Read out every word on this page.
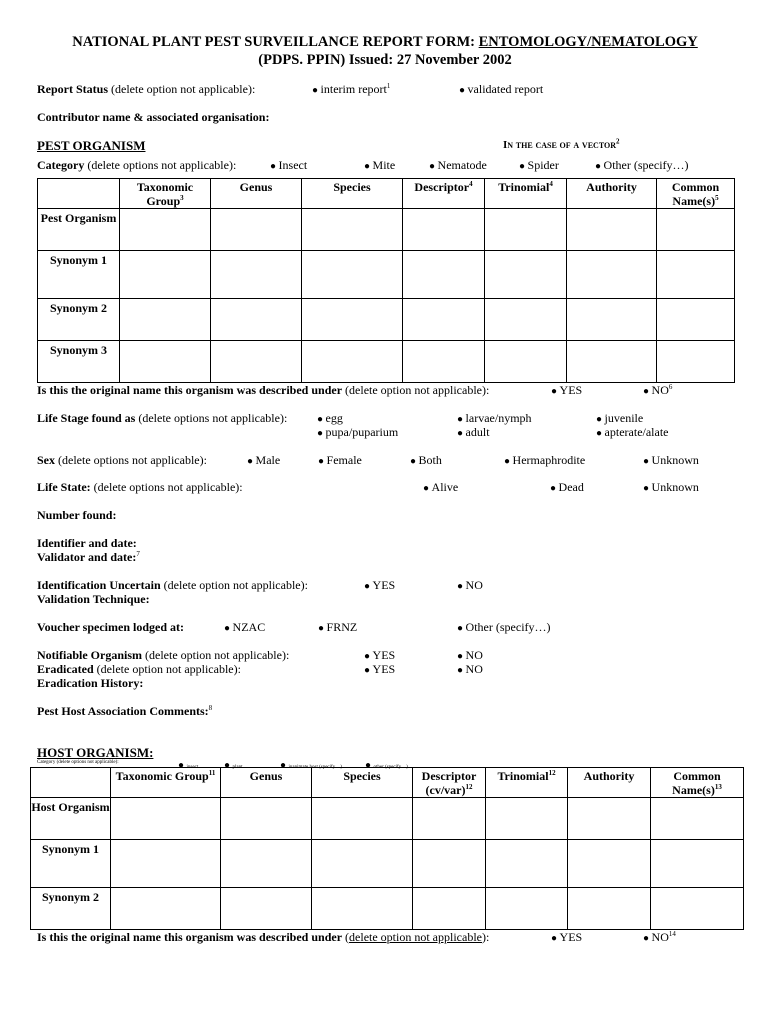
NATIONAL PLANT PEST SURVEILLANCE REPORT FORM: ENTOMOLOGY/NEMATOLOGY
(PDPS. PPIN) Issued: 27 November 2002
Report Status (delete option not applicable):	● interim report$^1$	● validated report
Contributor name & associated organisation:
PEST ORGANISM	In the case of a vector$^2$
Category (delete options not applicable):	● Insect	● Mite	● Nematode	● Spider	● Other (specify…)
	Taxonomic Group$^3$	Genus	Species	Descriptor$^4$	Trinomial$^4$	Authority	Common $Name(s)^5$
Pest Organism							
Synonym 1							
Synonym 2							
Synonym 3							
Is this the original name this organism was described under (delete option not applicable):	● YES	● $NO^6$
Life Stage found as (delete options not applicable):	● egg	● larvae/nymph	● juvenile
● pupa/puparium	● adult	● apterate/alate
Sex (delete options not applicable):	● Male	● Female	● Both	● Hermaphrodite	● Unknown
Life State: (delete options not applicable):	● Alive	● Dead	● Unknown
Number found:
Identifier and date:
Validator and date:$^7$
Identification Uncertain (delete option not applicable):	● YES	● NO
Validation Technique:
Voucher specimen lodged at:	● NZAC	● FRNZ	● Other (specify…)
Notifiable Organism (delete option not applicable):	● YES	● NO
Eradicated (delete option not applicable):	● YES	● NO
Eradication History:
Pest Host Association Comments:$^8$
HOST ORGANISM:
Category (delete options not applicable):
● insect	● plant	● inanimate host (specify…)	● other (specify…)
	Taxonomic Group$^{11}$	Genus	Species	Descriptor $(cv/var)^{12}$	Trinomial$^{12}$	Authority	Common $Name(s)^{13}$
Host Organism							
Synonym 1							
Synonym 2							
Is this the original name this organism was described under (delete option not applicable):	● YES	● NO$^{14}$
